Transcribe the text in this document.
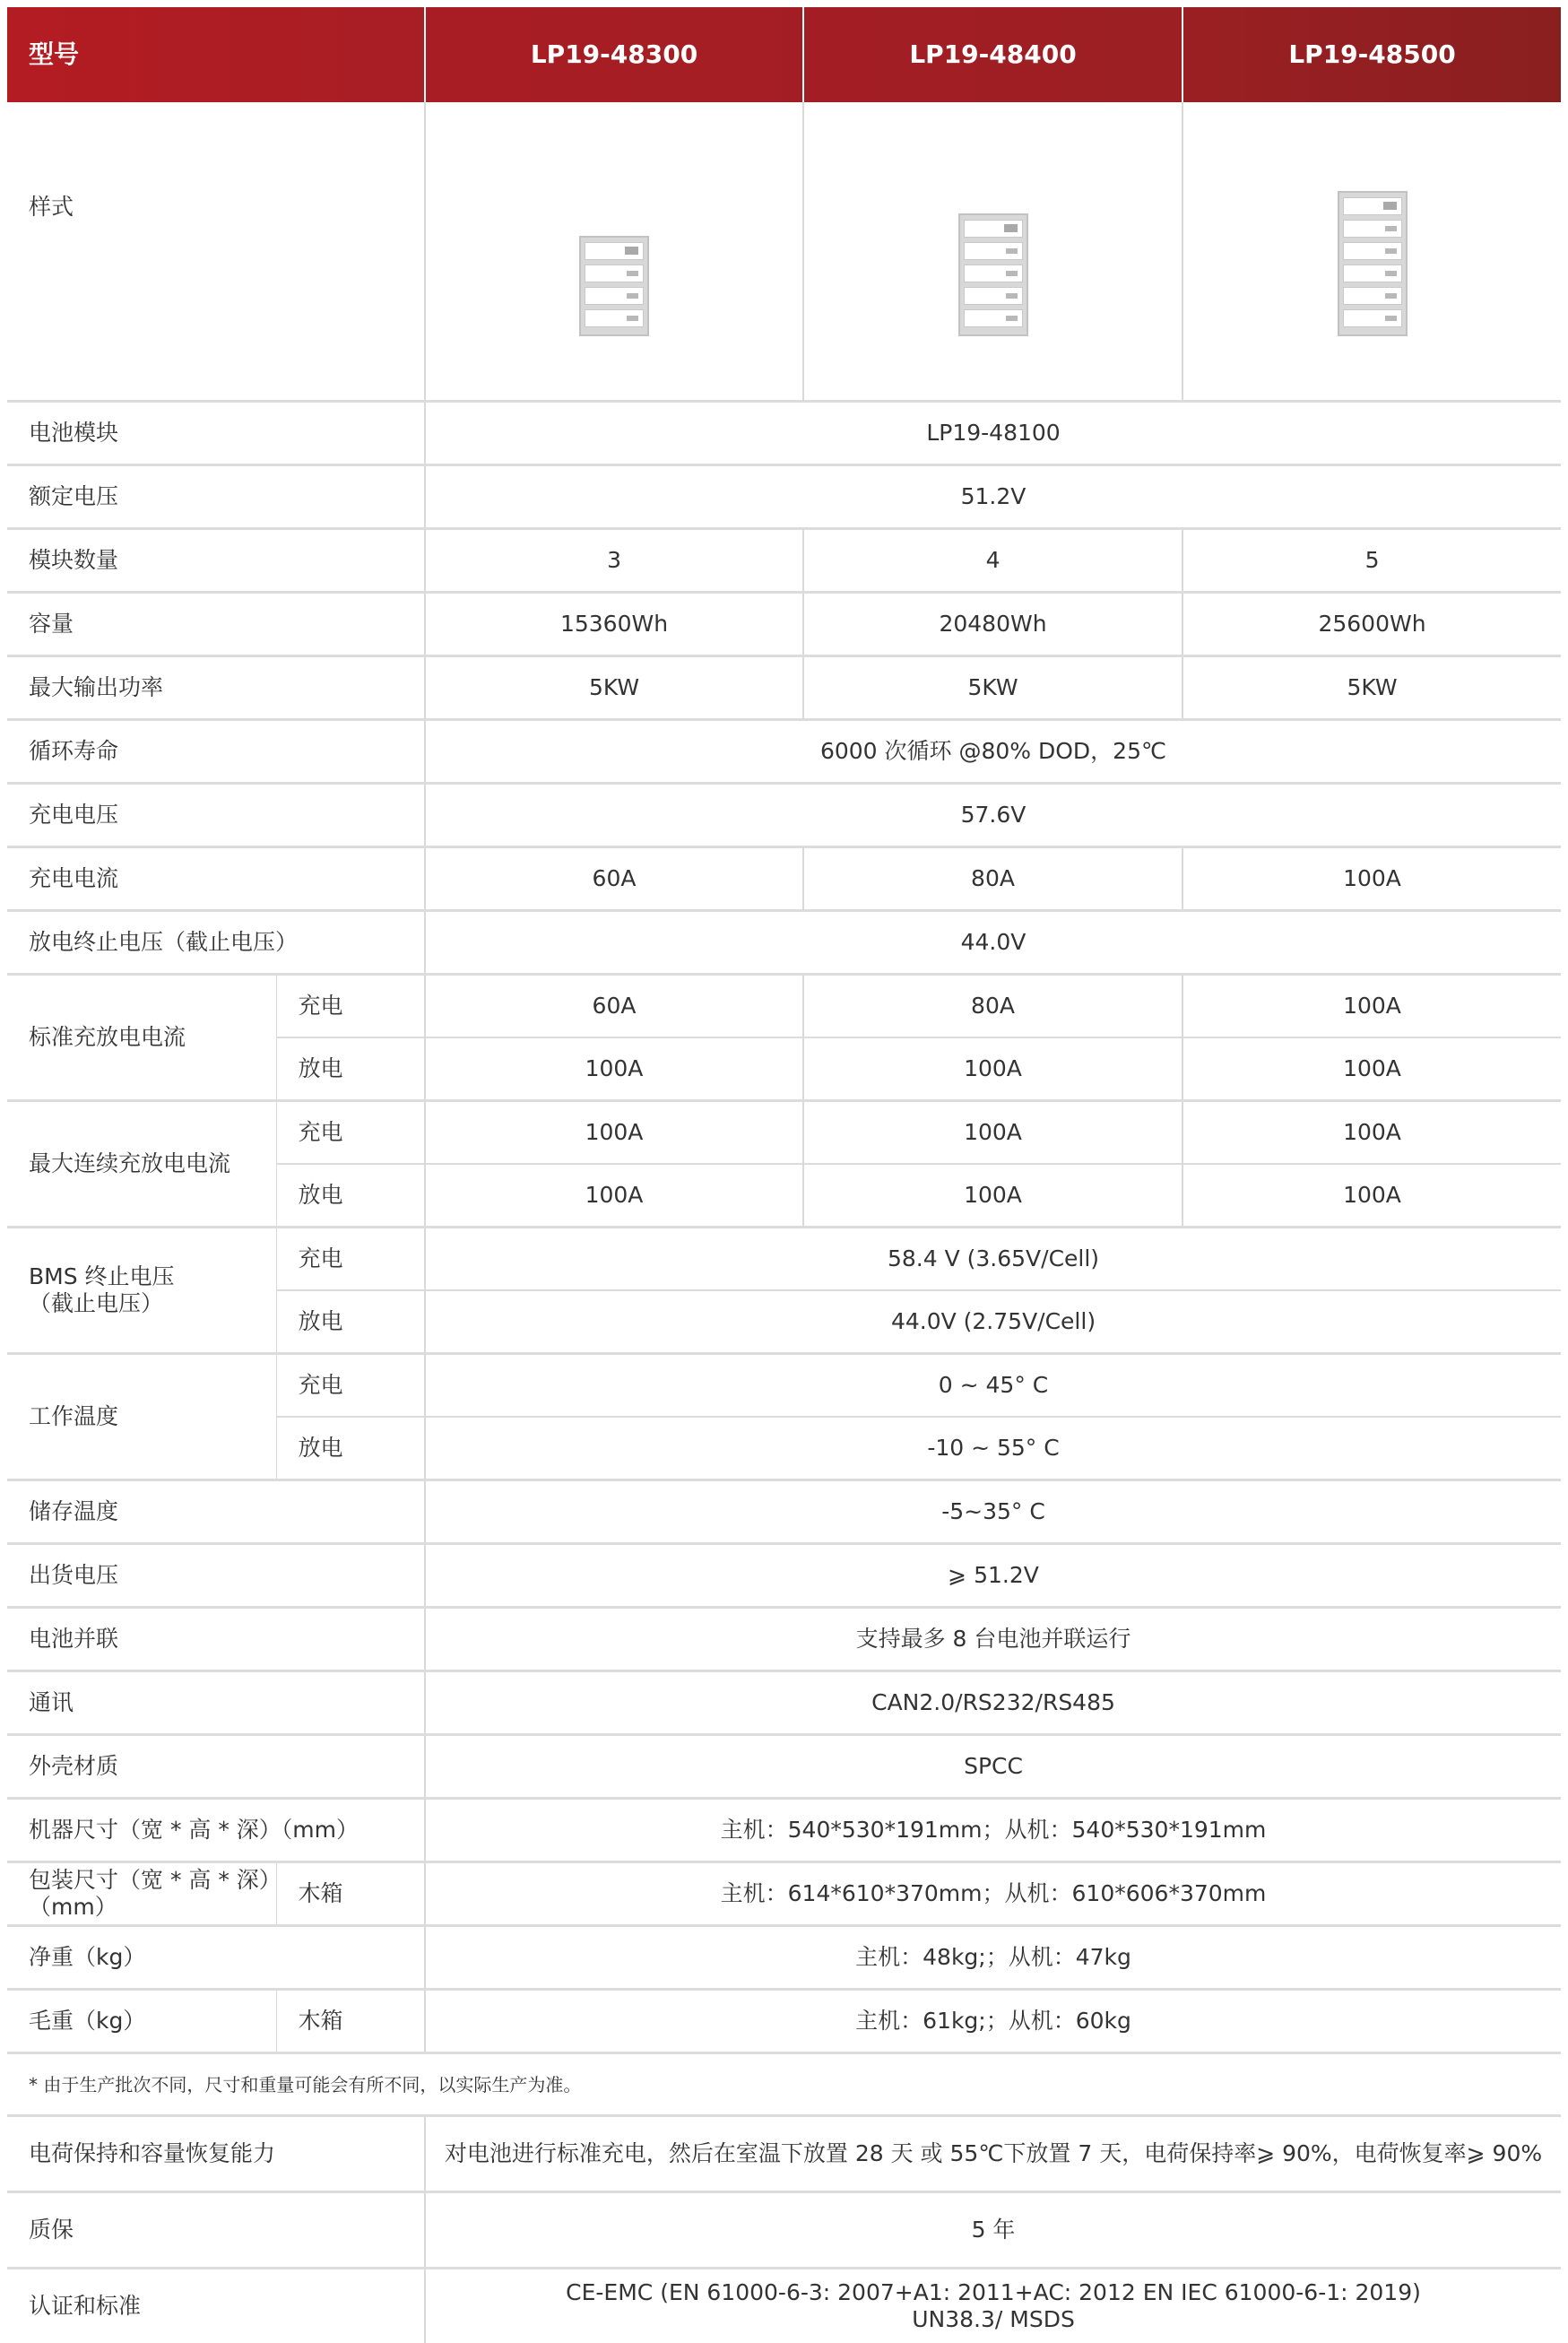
型号		LP19-48300	LP19-48400	LP19-48500
样式		

电池模块		LP19-48100		
额定电压		51.2V		
模块数量		3	4	5
容量		15360Wh	20480Wh	25600Wh
最大输出功率		5KW	5KW	5KW
循环寿命		6000 次循环 @80% DOD，25℃		
充电电压		57.6V		
充电电流		60A	80A	100A
放电终止电压（截止电压）		44.0V		
标准充放电电流	充电	60A	80A	100A
	放电	100A	100A	100A
最大连续充放电电流	充电	100A	100A	100A
	放电	100A	100A	100A

BMS 终止电压
（截止电压）	充电	58.4 V (3.65V/Cell)		
	放电	44.0V (2.75V/Cell)		
工作温度	充电	0 ~ 45° C		
	放电	-10 ~ 55° C		
储存温度		-5~35° C		
出货电压		⩾ 51.2V		
电池并联		支持最多 8 台电池并联运行		
通讯		CAN2.0/RS232/RS485		
外壳材质		SPCC		
机器尺寸（宽 * 高 * 深）（mm）		主机：540*530*191mm；从机：540*530*191mm		

包装尺寸（宽 * 高 * 深）
（mm）	木箱	主机：614*610*370mm；从机：610*606*370mm		
净重（kg）		主机：48kg;；从机：47kg		
毛重（kg）	木箱	主机：61kg;；从机：60kg		
* 由于生产批次不同，尺寸和重量可能会有所不同，以实际生产为准。				
电荷保持和容量恢复能力		对电池进行标准充电，然后在室温下放置 28 天 或 55℃下放置 7 天，电荷保持率⩾ 90%，电荷恢复率⩾ 90%		
质保		5 年		
认证和标准		CE-EMC (EN 61000-6-3: 2007+A1: 2011+AC: 2012 EN IEC 61000-6-1: 2019)
UN38.3/ MSDS		
